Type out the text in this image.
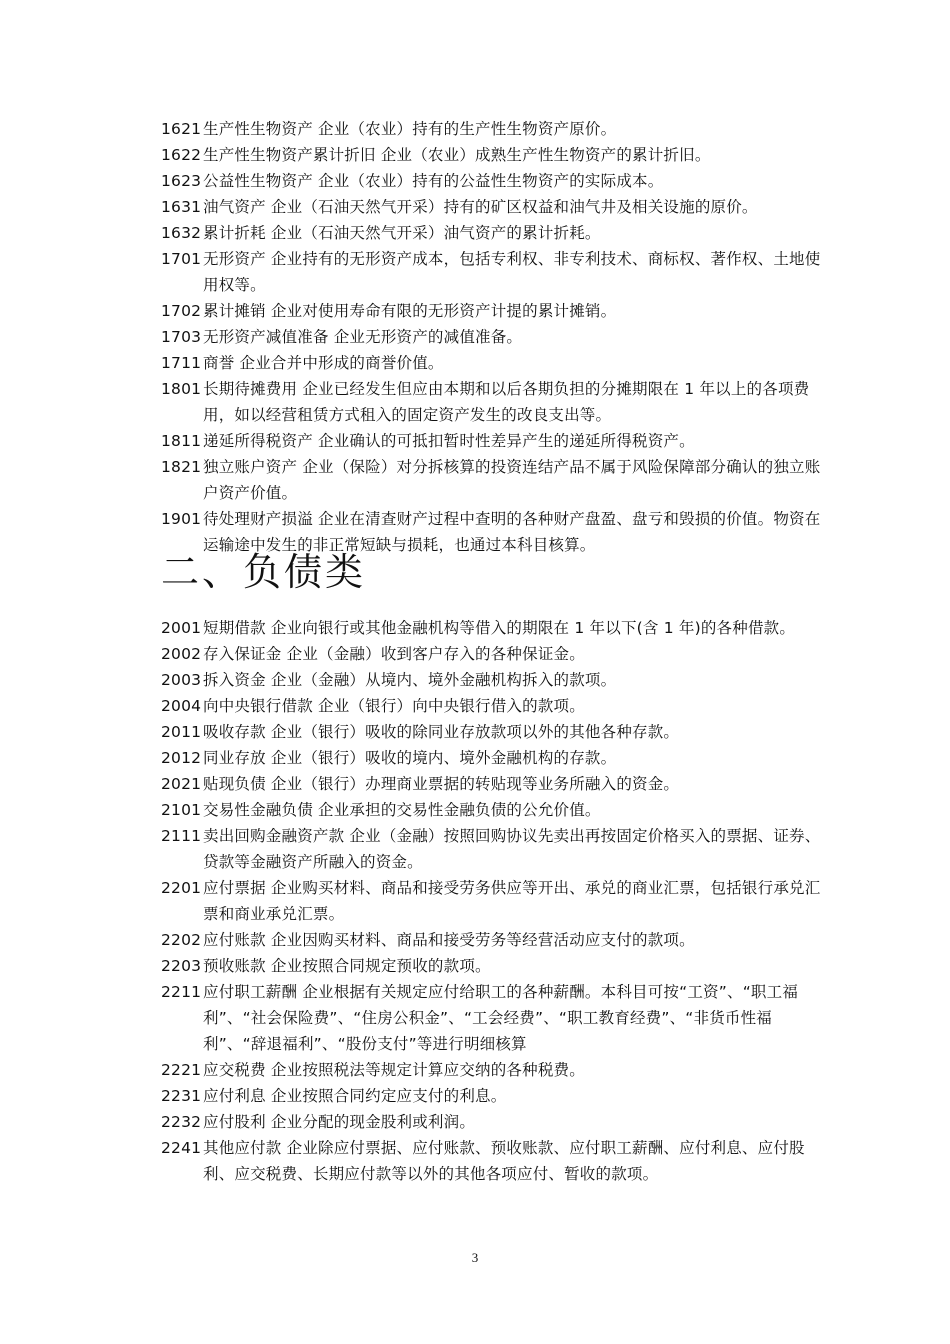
1621 生产性生物资产 企业（农业）持有的生产性生物资产原价。
1622 生产性生物资产累计折旧 企业（农业）成熟生产性生物资产的累计折旧。
1623 公益性生物资产 企业（农业）持有的公益性生物资产的实际成本。
1631 油气资产 企业（石油天然气开采）持有的矿区权益和油气井及相关设施的原价。
1632 累计折耗 企业（石油天然气开采）油气资产的累计折耗。
1701 无形资产 企业持有的无形资产成本，包括专利权、非专利技术、商标权、著作权、土地使用权等。
1702 累计摊销 企业对使用寿命有限的无形资产计提的累计摊销。
1703 无形资产减值准备 企业无形资产的减值准备。
1711 商誉 企业合并中形成的商誉价值。
1801 长期待摊费用 企业已经发生但应由本期和以后各期负担的分摊期限在 1 年以上的各项费用，如以经营租赁方式租入的固定资产发生的改良支出等。
1811 递延所得税资产 企业确认的可抵扣暂时性差异产生的递延所得税资产。
1821 独立账户资产 企业（保险）对分拆核算的投资连结产品不属于风险保障部分确认的独立账户资产价值。
1901 待处理财产损溢 企业在清查财产过程中查明的各种财产盘盈、盘亏和毁损的价值。物资在运输途中发生的非正常短缺与损耗，也通过本科目核算。
二、负债类
2001 短期借款 企业向银行或其他金融机构等借入的期限在 1 年以下(含 1 年)的各种借款。
2002 存入保证金 企业（金融）收到客户存入的各种保证金。
2003 拆入资金 企业（金融）从境内、境外金融机构拆入的款项。
2004 向中央银行借款 企业（银行）向中央银行借入的款项。
2011 吸收存款 企业（银行）吸收的除同业存放款项以外的其他各种存款。
2012 同业存放 企业（银行）吸收的境内、境外金融机构的存款。
2021 贴现负债 企业（银行）办理商业票据的转贴现等业务所融入的资金。
2101 交易性金融负债 企业承担的交易性金融负债的公允价值。
2111 卖出回购金融资产款 企业（金融）按照回购协议先卖出再按固定价格买入的票据、证券、贷款等金融资产所融入的资金。
2201 应付票据 企业购买材料、商品和接受劳务供应等开出、承兑的商业汇票，包括银行承兑汇票和商业承兑汇票。
2202 应付账款 企业因购买材料、商品和接受劳务等经营活动应支付的款项。
2203 预收账款 企业按照合同规定预收的款项。
2211 应付职工薪酬 企业根据有关规定应付给职工的各种薪酬。本科目可按“工资”、“职工福利”、“社会保险费”、“住房公积金”、“工会经费”、“职工教育经费”、“非货币性福利”、“辞退福利”、“股份支付”等进行明细核算
2221 应交税费 企业按照税法等规定计算应交纳的各种税费。
2231 应付利息 企业按照合同约定应支付的利息。
2232 应付股利 企业分配的现金股利或利润。
2241 其他应付款 企业除应付票据、应付账款、预收账款、应付职工薪酬、应付利息、应付股利、应交税费、长期应付款等以外的其他各项应付、暂收的款项。
3
